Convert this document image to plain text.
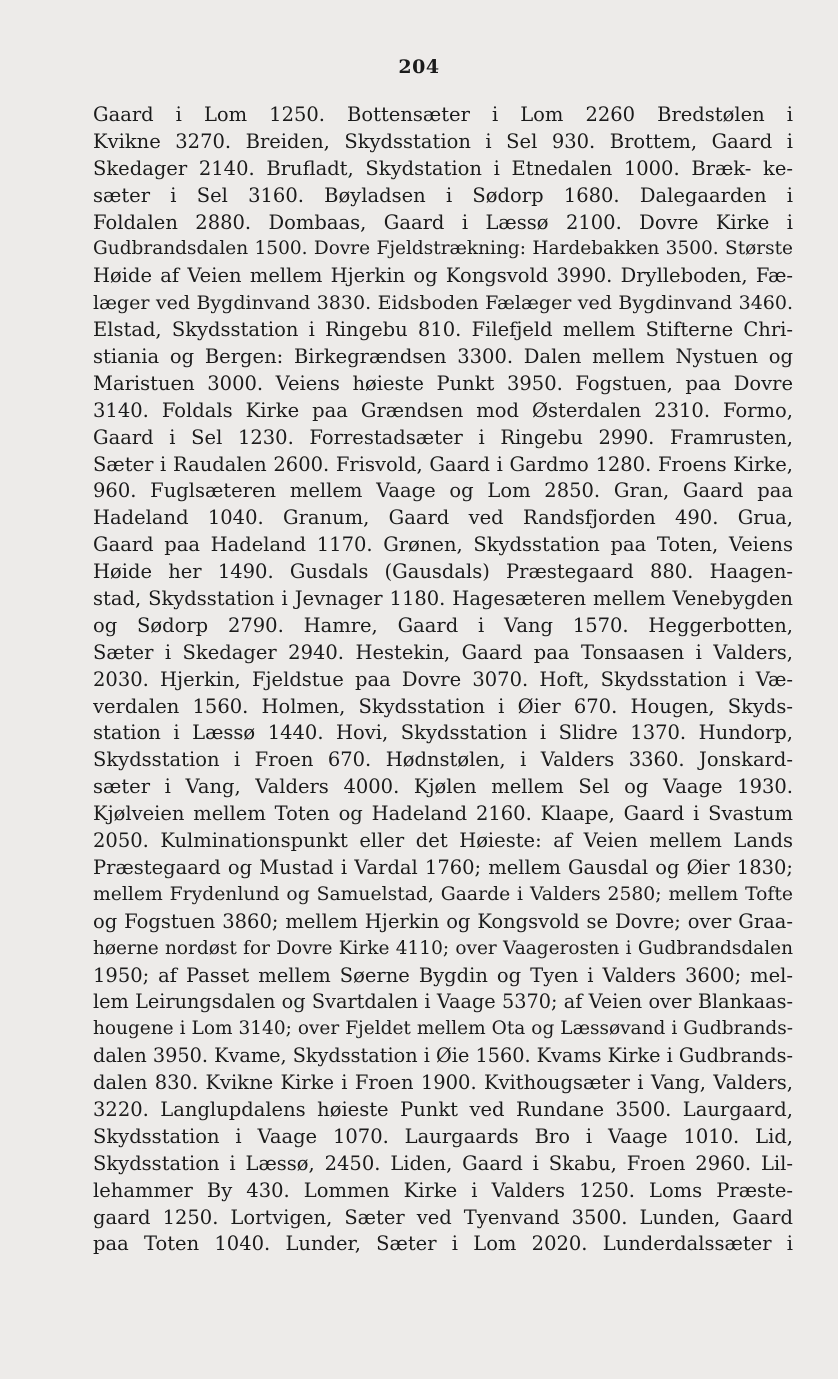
204
Gaard i Lom 1250. Bottensæter i Lom 2260 Bredstølen i
Kvikne 3270. Breiden, Skydsstation i Sel 930. Brottem, Gaard i
Skedager 2140. Brufladt, Skydstation i Etnedalen 1000. Bræk- ke-
sæter i Sel 3160. Bøyladsen i Sødorp 1680. Dalegaarden i
Foldalen 2880. Dombaas, Gaard i Læssø 2100. Dovre Kirke i
Gudbrandsdalen 1500. Dovre Fjeldstrækning: Hardebakken 3500. Største
Høide af Veien mellem Hjerkin og Kongsvold 3990. Drylleboden, Fæ-
læger ved Bygdinvand 3830. Eidsboden Fælæger ved Bygdinvand 3460.
Elstad, Skydsstation i Ringebu 810. Filefjeld mellem Stifterne Chri-
stiania og Bergen: Birkegrændsen 3300. Dalen mellem Nystuen og
Maristuen 3000. Veiens høieste Punkt 3950. Fogstuen, paa Dovre
3140. Foldals Kirke paa Grændsen mod Østerdalen 2310. Formo,
Gaard i Sel 1230. Forrestadsæter i Ringebu 2990. Framrusten,
Sæter i Raudalen 2600. Frisvold, Gaard i Gardmo 1280. Froens Kirke,
960. Fuglsæteren mellem Vaage og Lom 2850. Gran, Gaard paa
Hadeland 1040. Granum, Gaard ved Randsfjorden 490. Grua,
Gaard paa Hadeland 1170. Grønen, Skydsstation paa Toten, Veiens
Høide her 1490. Gusdals (Gausdals) Præstegaard 880. Haagen-
stad, Skydsstation i Jevnager 1180. Hagesæteren mellem Venebygden
og Sødorp 2790. Hamre, Gaard i Vang 1570. Heggerbotten,
Sæter i Skedager 2940. Hestekin, Gaard paa Tonsaasen i Valders,
2030. Hjerkin, Fjeldstue paa Dovre 3070. Hoft, Skydsstation i Væ-
verdalen 1560. Holmen, Skydsstation i Øier 670. Hougen, Skyds-
station i Læssø 1440. Hovi, Skydsstation i Slidre 1370. Hundorp,
Skydsstation i Froen 670. Hødnstølen, i Valders 3360. Jonskard-
sæter i Vang, Valders 4000. Kjølen mellem Sel og Vaage 1930.
Kjølveien mellem Toten og Hadeland 2160. Klaape, Gaard i Svastum
2050. Kulminationspunkt eller det Høieste: af Veien mellem Lands
Præstegaard og Mustad i Vardal 1760; mellem Gausdal og Øier 1830;
mellem Frydenlund og Samuelstad, Gaarde i Valders 2580; mellem Tofte
og Fogstuen 3860; mellem Hjerkin og Kongsvold se Dovre; over Graa-
høerne nordøst for Dovre Kirke 4110; over Vaagerosten i Gudbrandsdalen
1950; af Passet mellem Søerne Bygdin og Tyen i Valders 3600; mel-
lem Leirungsdalen og Svartdalen i Vaage 5370; af Veien over Blankaas-
hougene i Lom 3140; over Fjeldet mellem Ota og Læssøvand i Gudbrands-
dalen 3950. Kvame, Skydsstation i Øie 1560. Kvams Kirke i Gudbrands-
dalen 830. Kvikne Kirke i Froen 1900. Kvithougsæter i Vang, Valders,
3220. Langlupdalens høieste Punkt ved Rundane 3500. Laurgaard,
Skydsstation i Vaage 1070. Laurgaards Bro i Vaage 1010. Lid,
Skydsstation i Læssø, 2450. Liden, Gaard i Skabu, Froen 2960. Lil-
lehammer By 430. Lommen Kirke i Valders 1250. Loms Præste-
gaard 1250. Lortvigen, Sæter ved Tyenvand 3500. Lunden, Gaard
paa Toten 1040. Lunder, Sæter i Lom 2020. Lunderdalssæter i
